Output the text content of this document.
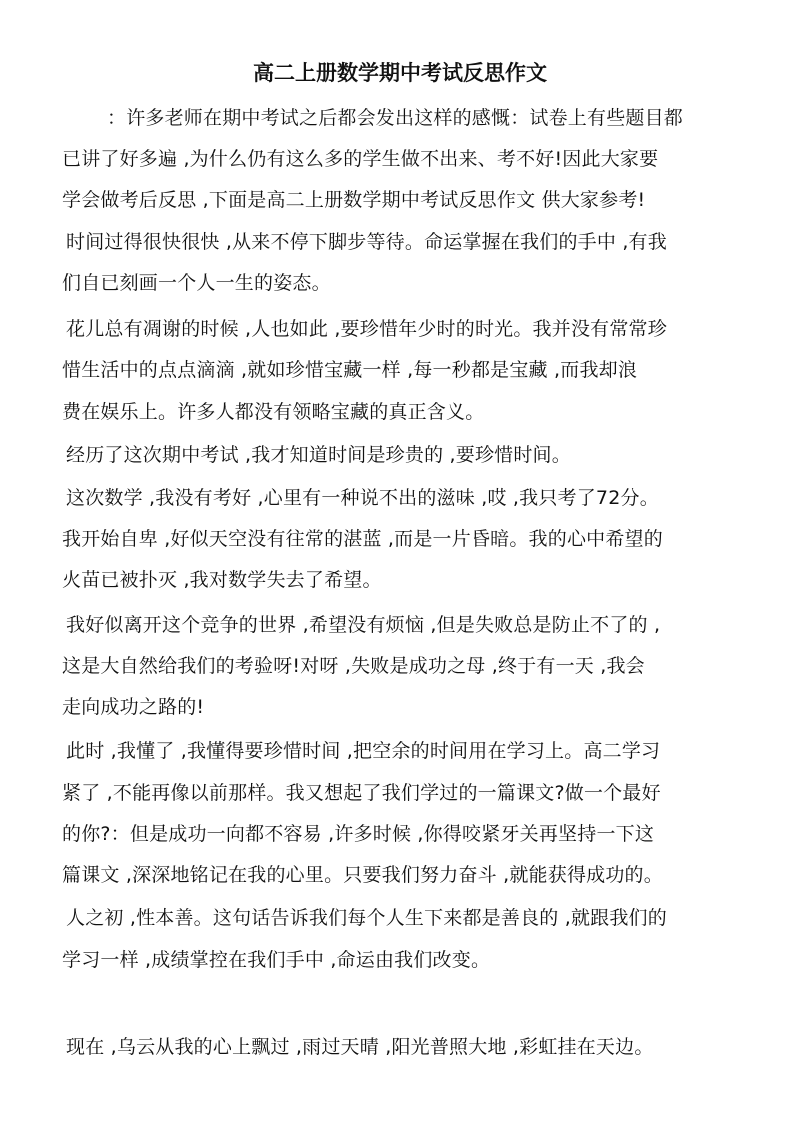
高二上册数学期中考试反思作文

：许多老师在期中考试之后都会发出这样的感慨：试卷上有些题目都

已讲了好多遍 ,为什么仍有这么多的学生做不出来、考不好!因此大家要

学会做考后反思 ,下面是高二上册数学期中考试反思作文 供大家参考!

时间过得很快很快 ,从来不停下脚步等待。命运掌握在我们的手中 ,有我

们自已刻画一个人一生的姿态。

花儿总有凋谢的时候 ,人也如此 ,要珍惜年少时的时光。我并没有常常珍

惜生活中的点点滴滴 ,就如珍惜宝藏一样 ,每一秒都是宝藏 ,而我却浪

费在娱乐上。许多人都没有领略宝藏的真正含义。

经历了这次期中考试 ,我才知道时间是珍贵的 ,要珍惜时间。

这次数学 ,我没有考好 ,心里有一种说不出的滋味 ,哎 ,我只考了72分。

我开始自卑 ,好似天空没有往常的湛蓝 ,而是一片昏暗。我的心中希望的

火苗已被扑灭 ,我对数学失去了希望。

我好似离开这个竞争的世界 ,希望没有烦恼 ,但是失败总是防止不了的 ,

这是大自然给我们的考验呀!对呀 ,失败是成功之母 ,终于有一天 ,我会

走向成功之路的!

此时 ,我懂了 ,我懂得要珍惜时间 ,把空余的时间用在学习上。高二学习

紧了 ,不能再像以前那样。我又想起了我们学过的一篇课文?做一个最好

的你?：但是成功一向都不容易 ,许多时候 ,你得咬紧牙关再坚持一下这

篇课文 ,深深地铭记在我的心里。只要我们努力奋斗 ,就能获得成功的。

人之初 ,性本善。这句话告诉我们每个人生下来都是善良的 ,就跟我们的

学习一样 ,成绩掌控在我们手中 ,命运由我们改变。

现在 ,乌云从我的心上飘过 ,雨过天晴 ,阳光普照大地 ,彩虹挂在天边。
